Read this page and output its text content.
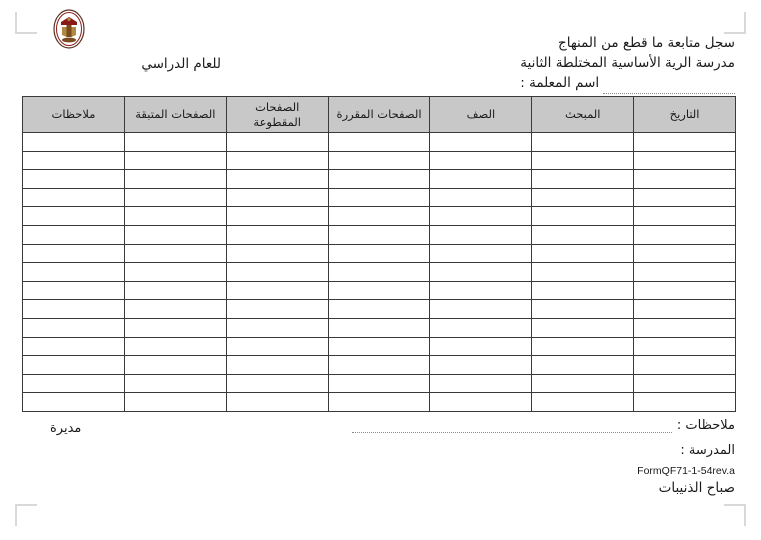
سجل متابعة ما قطع من المنهاج
مدرسة الرية الأساسية المختلطة الثانية
اسم المعلمة :
للعام الدراسي
التاريخ	المبحث	الصف	الصفحات المقررة	الصفحات المقطوعة	الصفحات المتبقة	ملاحظات

ملاحظات :
مديرة
المدرسة :
FormQF71-1-54rev.a
صباح الذنيبات
